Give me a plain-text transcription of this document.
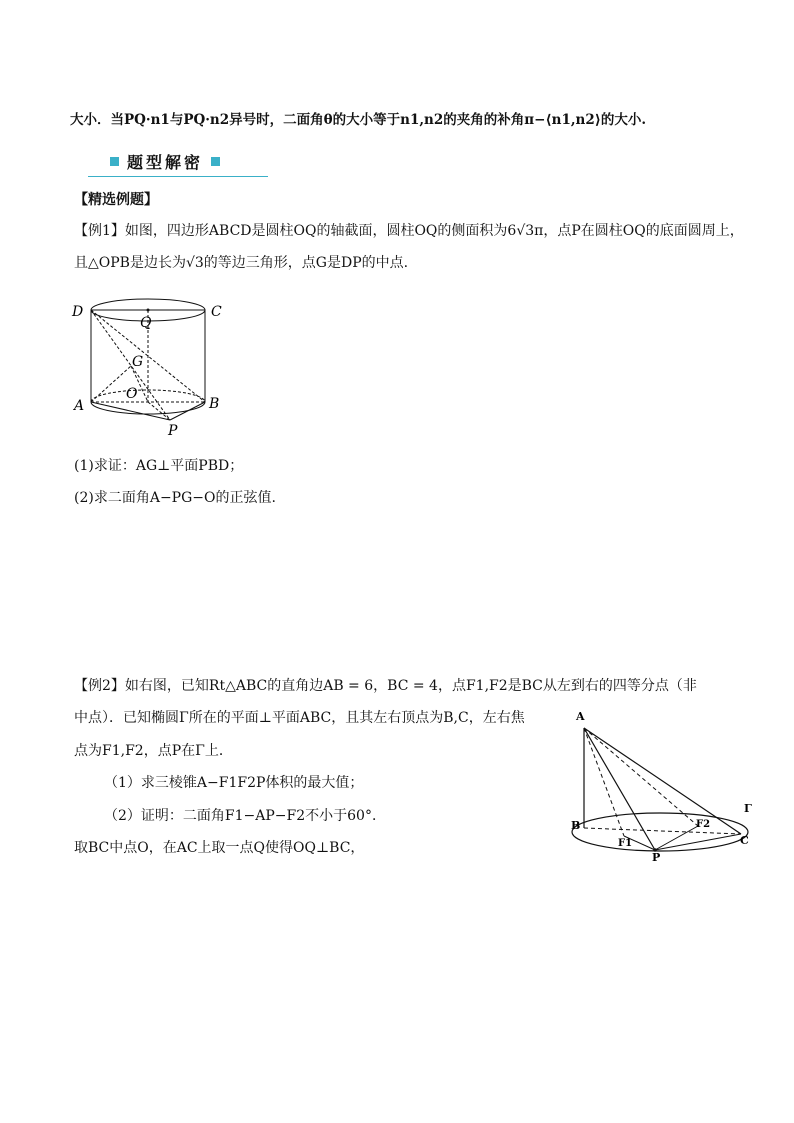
大小．当PQ·n1与PQ·n2异号时，二面角θ的大小等于n1,n2的夹角的补角π−⟨n1,n2⟩的大小.
题型解密
【精选例题】
【例1】如图，四边形ABCD是圆柱OQ的轴截面，圆柱OQ的侧面积为6√3π，点P在圆柱OQ的底面圆周上，
且△OPB是边长为√3的等边三角形，点G是DP的中点.
D	C
Q
G
O
A	B
P
(1)求证：AG⊥平面PBD；
(2)求二面角A−PG−O的正弦值.
【例2】如右图，已知Rt△ABC的直角边AB = 6，BC = 4，点F1,F2是BC从左到右的四等分点（非
中点）．已知椭圆Γ所在的平面⊥平面ABC，且其左右顶点为B,C，左右焦
点为F1,F2，点P在Γ上．
（1）求三棱锥A−F1F2P体积的最大值；
（2）证明：二面角F1−AP−F2不小于60°．
取BC中点O，在AC上取一点Q使得OQ⊥BC，
A
B
C
F1
F2
P
Γ
